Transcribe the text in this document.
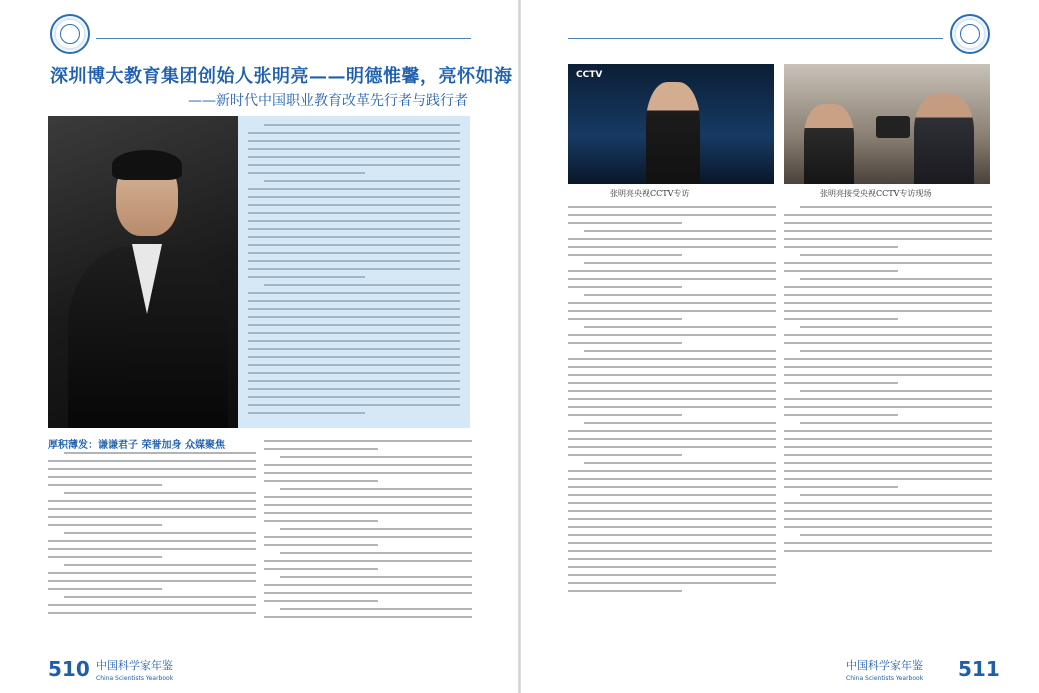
深圳博大教育集团创始人张明亮——明德惟馨，亮怀如海
——新时代中国职业教育改革先行者与践行者
厚积薄发：谦谦君子 荣誉加身 众媒聚焦
510 中国科学家年鉴
China Scientists Yearbook
CCTV
张明亮央视CCTV专访	张明亮接受央视CCTV专访现场
中国科学家年鉴
China Scientists Yearbook 511
